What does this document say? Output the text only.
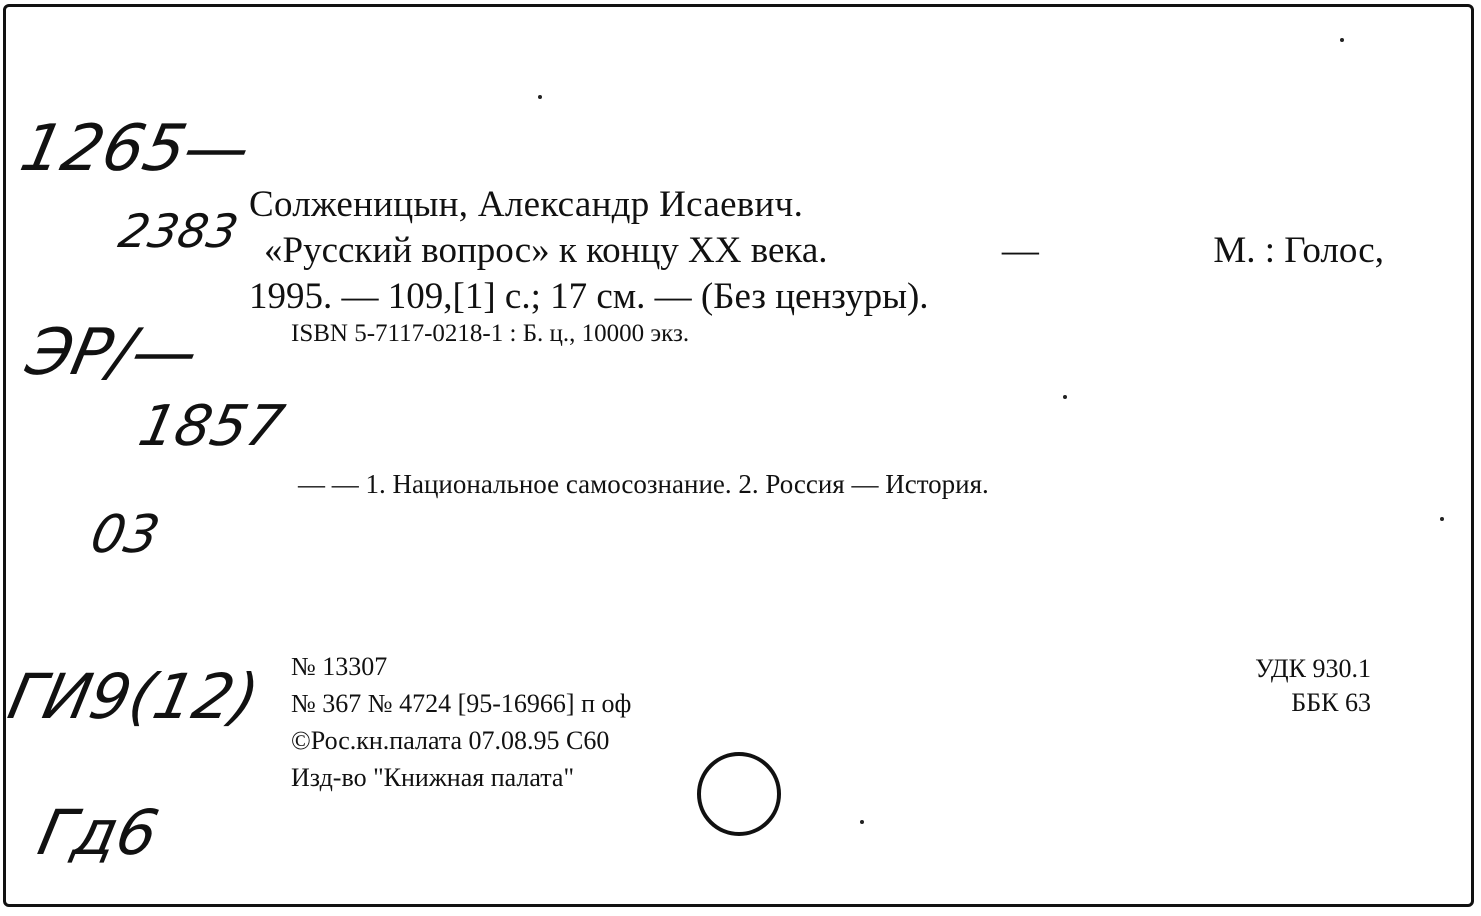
Солженицын, Александр Исаевич.
«Русский вопрос» к концу XX века.	—	М. : Голос,
1995. — 109,[1] с.; 17 см. — (Без цензуры).
ISBN 5-7117-0218-1 : Б. ц., 10000 экз.
— — 1. Национальное самосознание. 2. Россия — История.
№ 13307
№ 367 № 4724 [95-16966] п оф
©Рос.кн.палата 07.08.95 С60
Изд-во "Книжная палата"
УДК 930.1
ББК 63
1265—
2383
ЭР/—
1857
03
ГИ9(12)
Гд6
